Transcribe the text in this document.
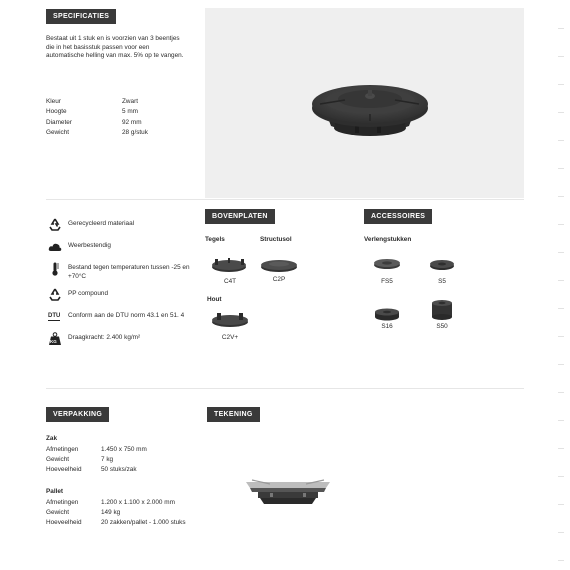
SPECIFICATIES
Bestaat uit 1 stuk en is voorzien van 3 beentjes die in het basisstuk passen voor een automatische helling van max. 5% op te vangen.
Kleur	Zwart
Hoogte	5 mm
Diameter	92 mm
Gewicht	28 g/stuk
Gerecycleerd materiaal
Weerbestendig
Bestand tegen temperaturen tussen -25 en +70°C
PP compound
DTU Conform aan de DTU norm 43.1 en 51. 4
KG
Draagkracht: 2.400 kg/m²
BOVENPLATEN
Tegels	Structusol
Hout
C4T	C2P
C2V+
ACCESSOIRES
Verlengstukken
FS5	S5
S16	S50
VERPAKKING
Zak
Afmetingen	1.450 x 750 mm
Gewicht	7 kg
Hoeveelheid	50 stuks/zak
Pallet
Afmetingen	1.200 x 1.100 x 2.000 mm
Gewicht	149 kg
Hoeveelheid	20 zakken/pallet - 1.000 stuks
TEKENING
